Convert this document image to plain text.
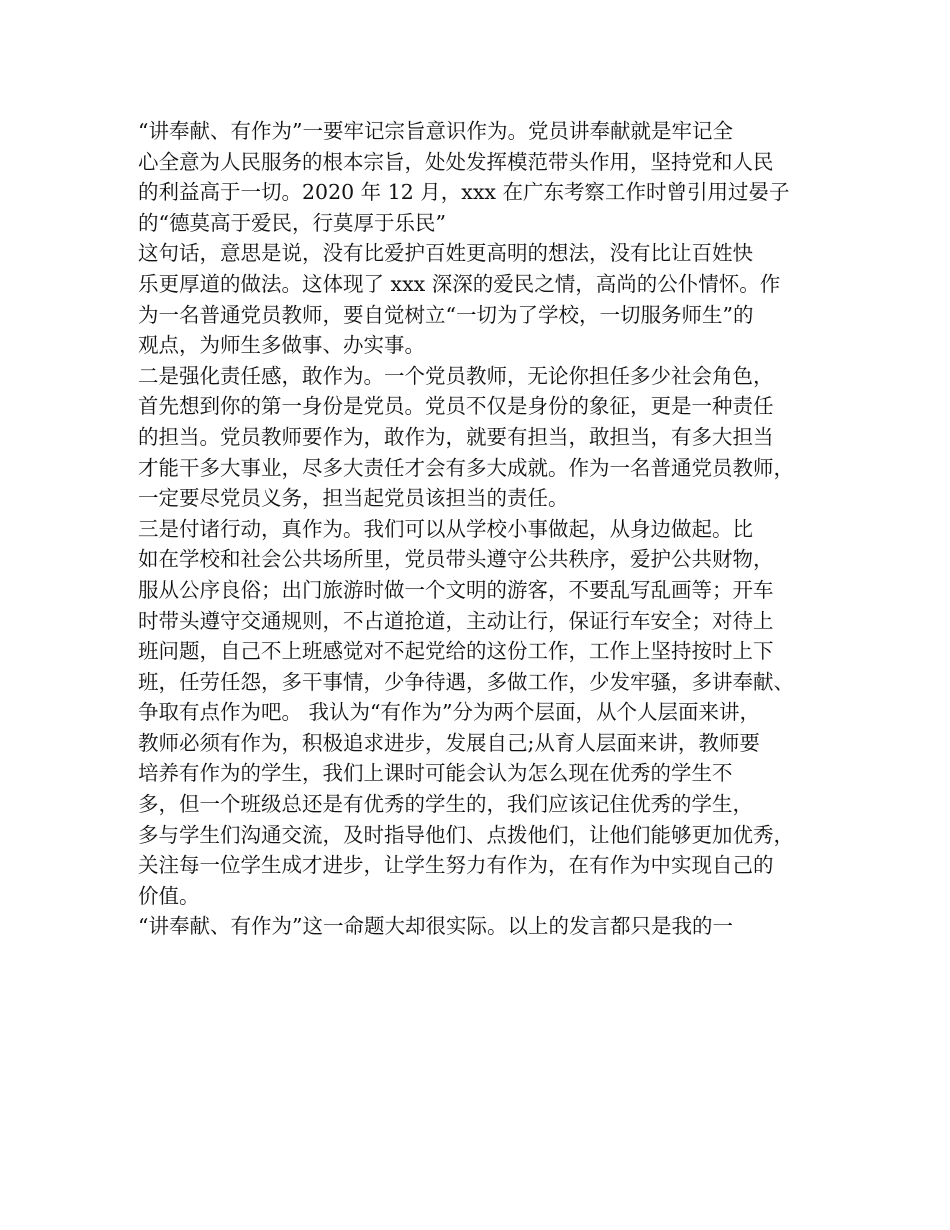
“讲奉献、有作为”一要牢记宗旨意识作为。党员讲奉献就是牢记全
心全意为人民服务的根本宗旨，处处发挥模范带头作用，坚持党和人民
的利益高于一切。2020 年 12 月，xxx 在广东考察工作时曾引用过晏子
的“德莫高于爱民，行莫厚于乐民”
这句话，意思是说，没有比爱护百姓更高明的想法，没有比让百姓快
乐更厚道的做法。这体现了 xxx 深深的爱民之情，高尚的公仆情怀。作
为一名普通党员教师，要自觉树立“一切为了学校，一切服务师生”的
观点，为师生多做事、办实事。
二是强化责任感，敢作为。一个党员教师，无论你担任多少社会角色，
首先想到你的第一身份是党员。党员不仅是身份的象征，更是一种责任
的担当。党员教师要作为，敢作为，就要有担当，敢担当，有多大担当
才能干多大事业，尽多大责任才会有多大成就。作为一名普通党员教师，
一定要尽党员义务，担当起党员该担当的责任。
三是付诸行动，真作为。我们可以从学校小事做起，从身边做起。比
如在学校和社会公共场所里，党员带头遵守公共秩序，爱护公共财物，
服从公序良俗；出门旅游时做一个文明的游客，不要乱写乱画等；开车
时带头遵守交通规则，不占道抢道，主动让行，保证行车安全；对待上
班问题，自己不上班感觉对不起党给的这份工作，工作上坚持按时上下
班，任劳任怨，多干事情，少争待遇，多做工作，少发牢骚，多讲奉献、
争取有点作为吧。 我认为“有作为”分为两个层面，从个人层面来讲，
教师必须有作为，积极追求进步，发展自己;从育人层面来讲，教师要
培养有作为的学生，我们上课时可能会认为怎么现在优秀的学生不
多，但一个班级总还是有优秀的学生的，我们应该记住优秀的学生，
多与学生们沟通交流，及时指导他们、点拨他们，让他们能够更加优秀，
关注每一位学生成才进步，让学生努力有作为，在有作为中实现自己的
价值。
“讲奉献、有作为”这一命题大却很实际。以上的发言都只是我的一
